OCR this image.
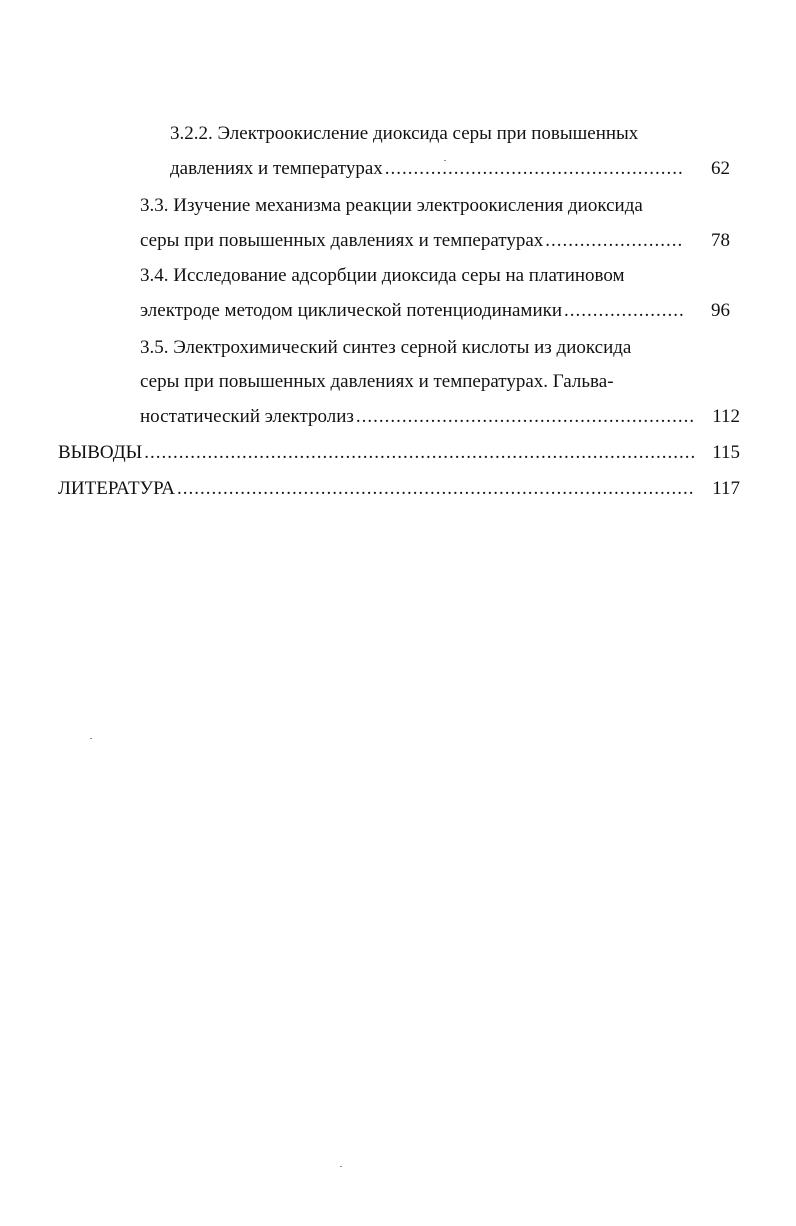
3.2.2. Электроокисление диоксида серы при повышенных
давлениях и температурах .....	62
3.3. Изучение механизма реакции электроокисления диоксида
серы при повышенных давлениях и температурах .....	78
3.4. Исследование адсорбции диоксида серы на платиновом
электроде методом циклической потенциодинамики .....	96
3.5. Электрохимический синтез серной кислоты из диоксида
серы при повышенных давлениях и температурах. Гальва-
ностатический электролиз .....	112
ВЫВОДЫ .....	115
ЛИТЕРАТУРА .....	117
